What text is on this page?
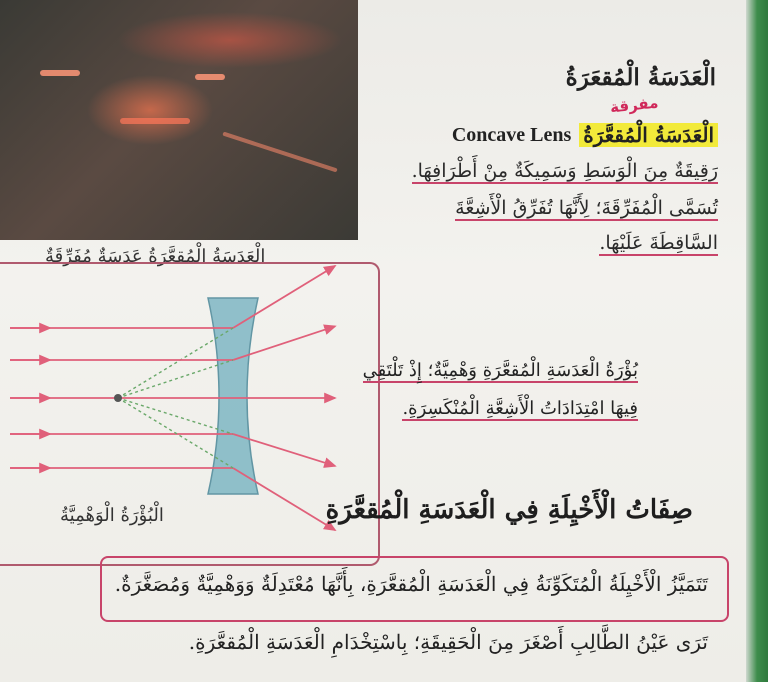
الْعَدَسَةُ الْمُقعَرَةُ
مفرقة
Concave Lens الْعَدَسَةُ الْمُقعَّرَةُ
رَقِيقَةٌ مِنَ الْوَسَطِ وَسَمِيكَةٌ مِنْ أَطْرَافِهَا.
تُسَمَّى الْمُفَرِّقَةَ؛ لِأَنَّهَا تُفَرِّقُ الْأَشِعَّةَ
السَّاقِطَةَ عَلَيْهَا.
الْعَدَسَةُ الْمُقعَّرَةُ عَدَسَةٌ مُفَرِّقَةٌ
الْبُؤْرَةُ الْوَهْمِيَّةُ
بُؤْرَةُ الْعَدَسَةِ الْمُقعَّرَةِ وَهْمِيَّةٌ؛ إِذْ تَلْتَقِي
فِيهَا امْتِدَادَاتُ الْأَشِعَّةِ الْمُنْكَسِرَةِ.
صِفَاتُ الْأَخْيِلَةِ فِي الْعَدَسَةِ الْمُقعَّرَةِ
تَتَمَيَّزُ الْأَخْيِلَةُ الْمُتَكَوِّنَةُ فِي الْعَدَسَةِ الْمُقعَّرَةِ، بِأَنَّهَا مُعْتَدِلَةٌ وَوَهْمِيَّةٌ وَمُصَغَّرَةٌ.
تَرَى عَيْنُ الطَّالِبِ أَصْغَرَ مِنَ الْحَقِيقَةِ؛ بِاسْتِخْدَامِ الْعَدَسَةِ الْمُقعَّرَةِ.
